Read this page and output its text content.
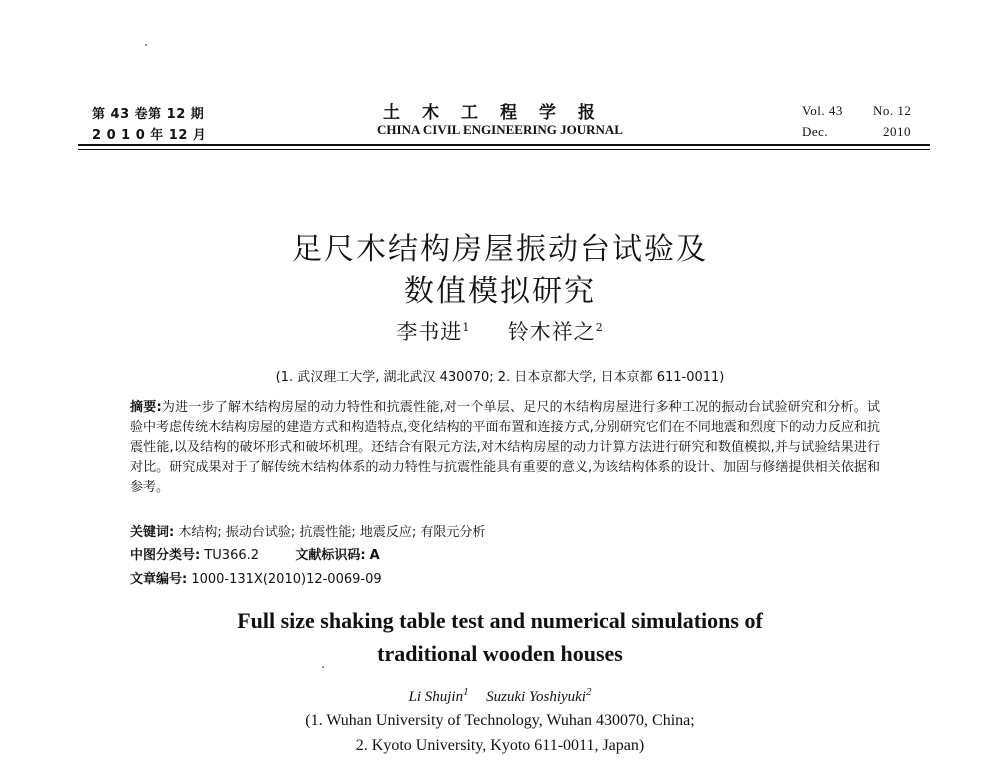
第 43 卷第 12 期
2 0 1 0 年 12 月
土木工程学报
CHINA CIVIL ENGINEERING JOURNAL
Vol. 43 No. 12
Dec.	2010
足尺木结构房屋振动台试验及
数值模拟研究
李书进$^1$ 铃木祥之$^2$
(1. 武汉理工大学, 湖北武汉 430070; 2. 日本京都大学, 日本京都 611-0011)
摘要:为进一步了解木结构房屋的动力特性和抗震性能,对一个单层、足尺的木结构房屋进行多种工况的振动台试验研究和分析。试验中考虑传统木结构房屋的建造方式和构造特点,变化结构的平面布置和连接方式,分别研究它们在不同地震和烈度下的动力反应和抗震性能,以及结构的破坏形式和破坏机理。还结合有限元方法,对木结构房屋的动力计算方法进行研究和数值模拟,并与试验结果进行对比。研究成果对于了解传统木结构体系的动力特性与抗震性能具有重要的意义,为该结构体系的设计、加固与修缮提供相关依据和参考。
关键词: 木结构; 振动台试验; 抗震性能; 地震反应; 有限元分析
中图分类号: TU366.2	文献标识码: A
文章编号: 1000-131X(2010)12-0069-09
Full size shaking table test and numerical simulations of
traditional wooden houses
Li Shujin$^1$ Suzuki Yoshiyuki$^2$
(1. Wuhan University of Technology, Wuhan 430070, China;
2. Kyoto University, Kyoto 611-0011, Japan)
